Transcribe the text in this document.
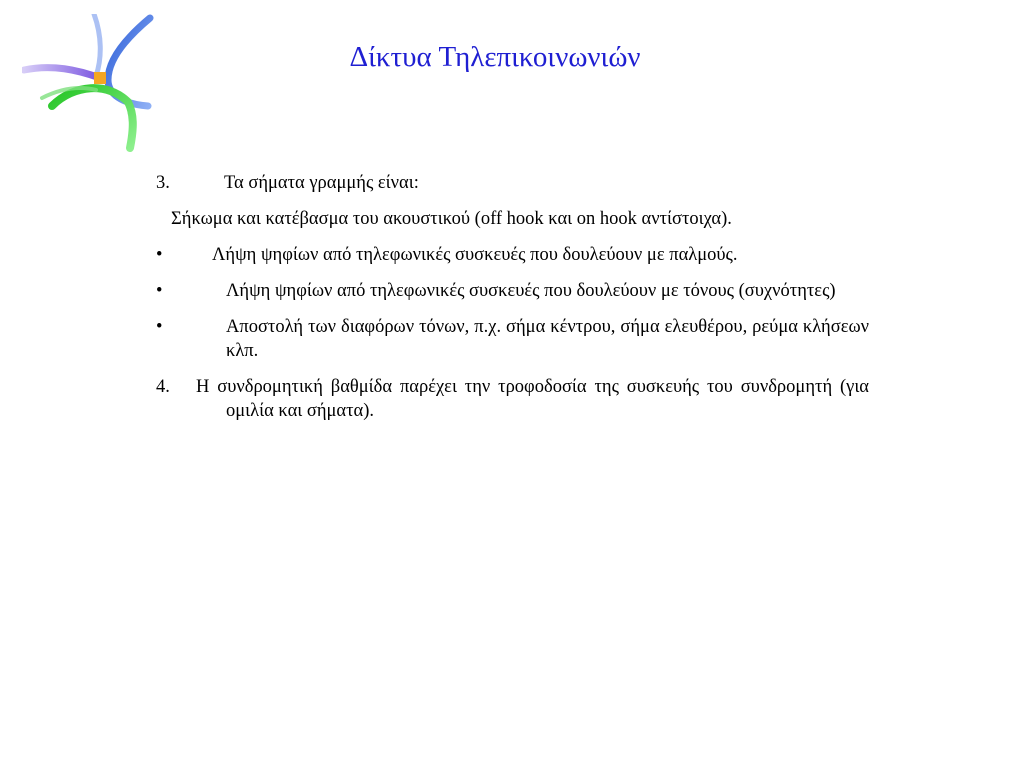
Δίκτυα Τηλεπικοινωνιών
3.	Τα σήματα γραμμής είναι:
Σήκωμα και κατέβασμα του ακουστικού (off hook και on hook αντίστοιχα).
•	Λήψη ψηφίων από τηλεφωνικές συσκευές που δουλεύουν με παλμούς.
•	Λήψη ψηφίων από τηλεφωνικές συσκευές που δουλεύουν με τόνους (συχνότητες)
•	Αποστολή των διαφόρων τόνων, π.χ. σήμα κέντρου, σήμα ελευθέρου, ρεύμα κλήσεων κλπ.
4.	Η συνδρομητική βαθμίδα παρέχει την τροφοδοσία της συσκευής του συνδρομητή (για ομιλία και σήματα).
